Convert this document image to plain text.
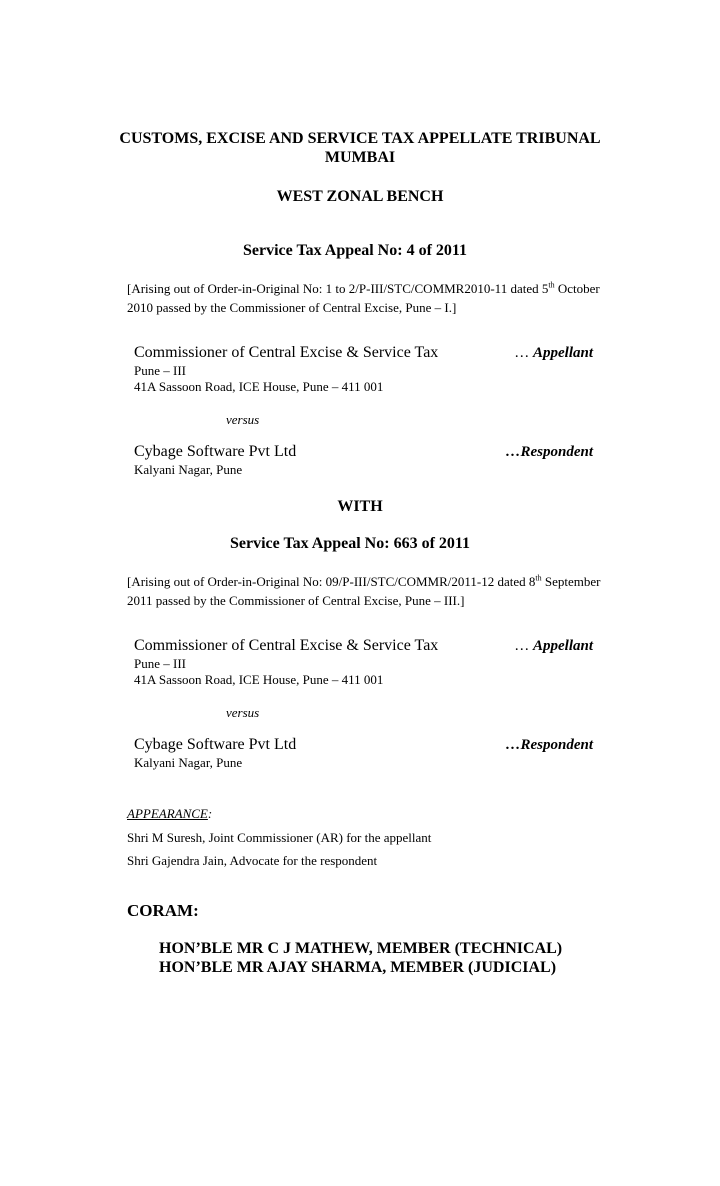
CUSTOMS, EXCISE AND SERVICE TAX APPELLATE TRIBUNAL
MUMBAI
WEST ZONAL BENCH
Service Tax Appeal No: 4 of 2011
[Arising out of Order-in-Original No: 1 to 2/P-III/STC/COMMR2010-11 dated 5th October 2010 passed by the Commissioner of Central Excise, Pune – I.]
Commissioner of Central Excise & Service Tax	… Appellant
Pune – III
41A Sassoon Road, ICE House, Pune – 411 001
versus
Cybage Software Pvt Ltd	…Respondent
Kalyani Nagar, Pune
WITH
Service Tax Appeal No: 663 of 2011
[Arising out of Order-in-Original No: 09/P-III/STC/COMMR/2011-12 dated 8th September 2011 passed by the Commissioner of Central Excise, Pune – III.]
Commissioner of Central Excise & Service Tax	… Appellant
Pune – III
41A Sassoon Road, ICE House, Pune – 411 001
versus
Cybage Software Pvt Ltd	…Respondent
Kalyani Nagar, Pune
APPEARANCE:
Shri M Suresh, Joint Commissioner (AR) for the appellant
Shri Gajendra Jain, Advocate for the respondent
CORAM:
HON’BLE MR C J MATHEW, MEMBER (TECHNICAL)
HON’BLE MR AJAY SHARMA, MEMBER (JUDICIAL)
